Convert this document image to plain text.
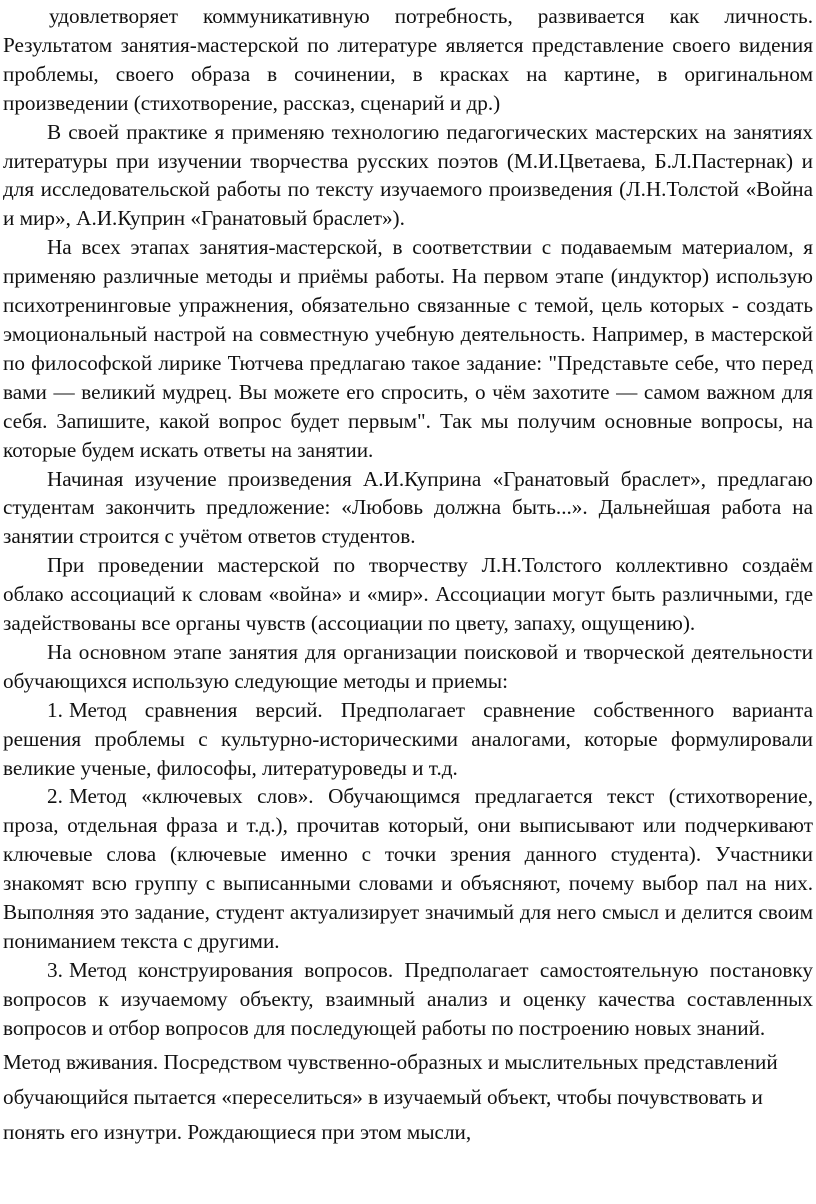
удовлетворяет коммуникативную потребность, развивается как личность. Результатом занятия-мастерской по литературе является представление своего видения проблемы, своего образа в сочинении, в красках на картине, в оригинальном произведении (стихотворение, рассказ, сценарий и др.)

В своей практике я применяю технологию педагогических мастерских на занятиях литературы при изучении творчества русских поэтов (М.И.Цветаева, Б.Л.Пастернак) и для исследовательской работы по тексту изучаемого произведения (Л.Н.Толстой «Война и мир», А.И.Куприн «Гранатовый браслет»).

На всех этапах занятия-мастерской, в соответствии с подаваемым материалом, я применяю различные методы и приёмы работы. На первом этапе (индуктор) использую психотренинговые упражнения, обязательно связанные с темой, цель которых - создать эмоциональный настрой на совместную учебную деятельность. Например, в мастерской по философской лирике Тютчева предлагаю такое задание: "Представьте себе, что перед вами — великий мудрец. Вы можете его спросить, о чём захотите — самом важном для себя. Запишите, какой вопрос будет первым". Так мы получим основные вопросы, на которые будем искать ответы на занятии.

Начиная изучение произведения А.И.Куприна «Гранатовый браслет», предлагаю студентам закончить предложение: «Любовь должна быть...». Дальнейшая работа на занятии строится с учётом ответов студентов.

При проведении мастерской по творчеству Л.Н.Толстого коллективно создаём облако ассоциаций к словам «война» и «мир». Ассоциации могут быть различными, где задействованы все органы чувств (ассоциации по цвету, запаху, ощущению).

На основном этапе занятия для организации поисковой и творческой деятельности обучающихся использую следующие методы и приемы:

1. Метод сравнения версий. Предполагает сравнение собственного варианта решения проблемы с культурно-историческими аналогами, которые формулировали великие ученые, философы, литературоведы и т.д.

2. Метод «ключевых слов». Обучающимся предлагается текст (стихотворение, проза, отдельная фраза и т.д.), прочитав который, они выписывают или подчеркивают ключевые слова (ключевые именно с точки зрения данного студента). Участники знакомят всю группу с выписанными словами и объясняют, почему выбор пал на них. Выполняя это задание, студент актуализирует значимый для него смысл и делится своим пониманием текста с другими.

3. Метод конструирования вопросов. Предполагает самостоятельную постановку вопросов к изучаемому объекту, взаимный анализ и оценку качества составленных вопросов и отбор вопросов для последующей работы по построению новых знаний.

Метод вживания. Посредством чувственно-образных и мыслительных представлений обучающийся пытается «переселиться» в изучаемый объект, чтобы почувствовать и понять его изнутри. Рождающиеся при этом мысли,
